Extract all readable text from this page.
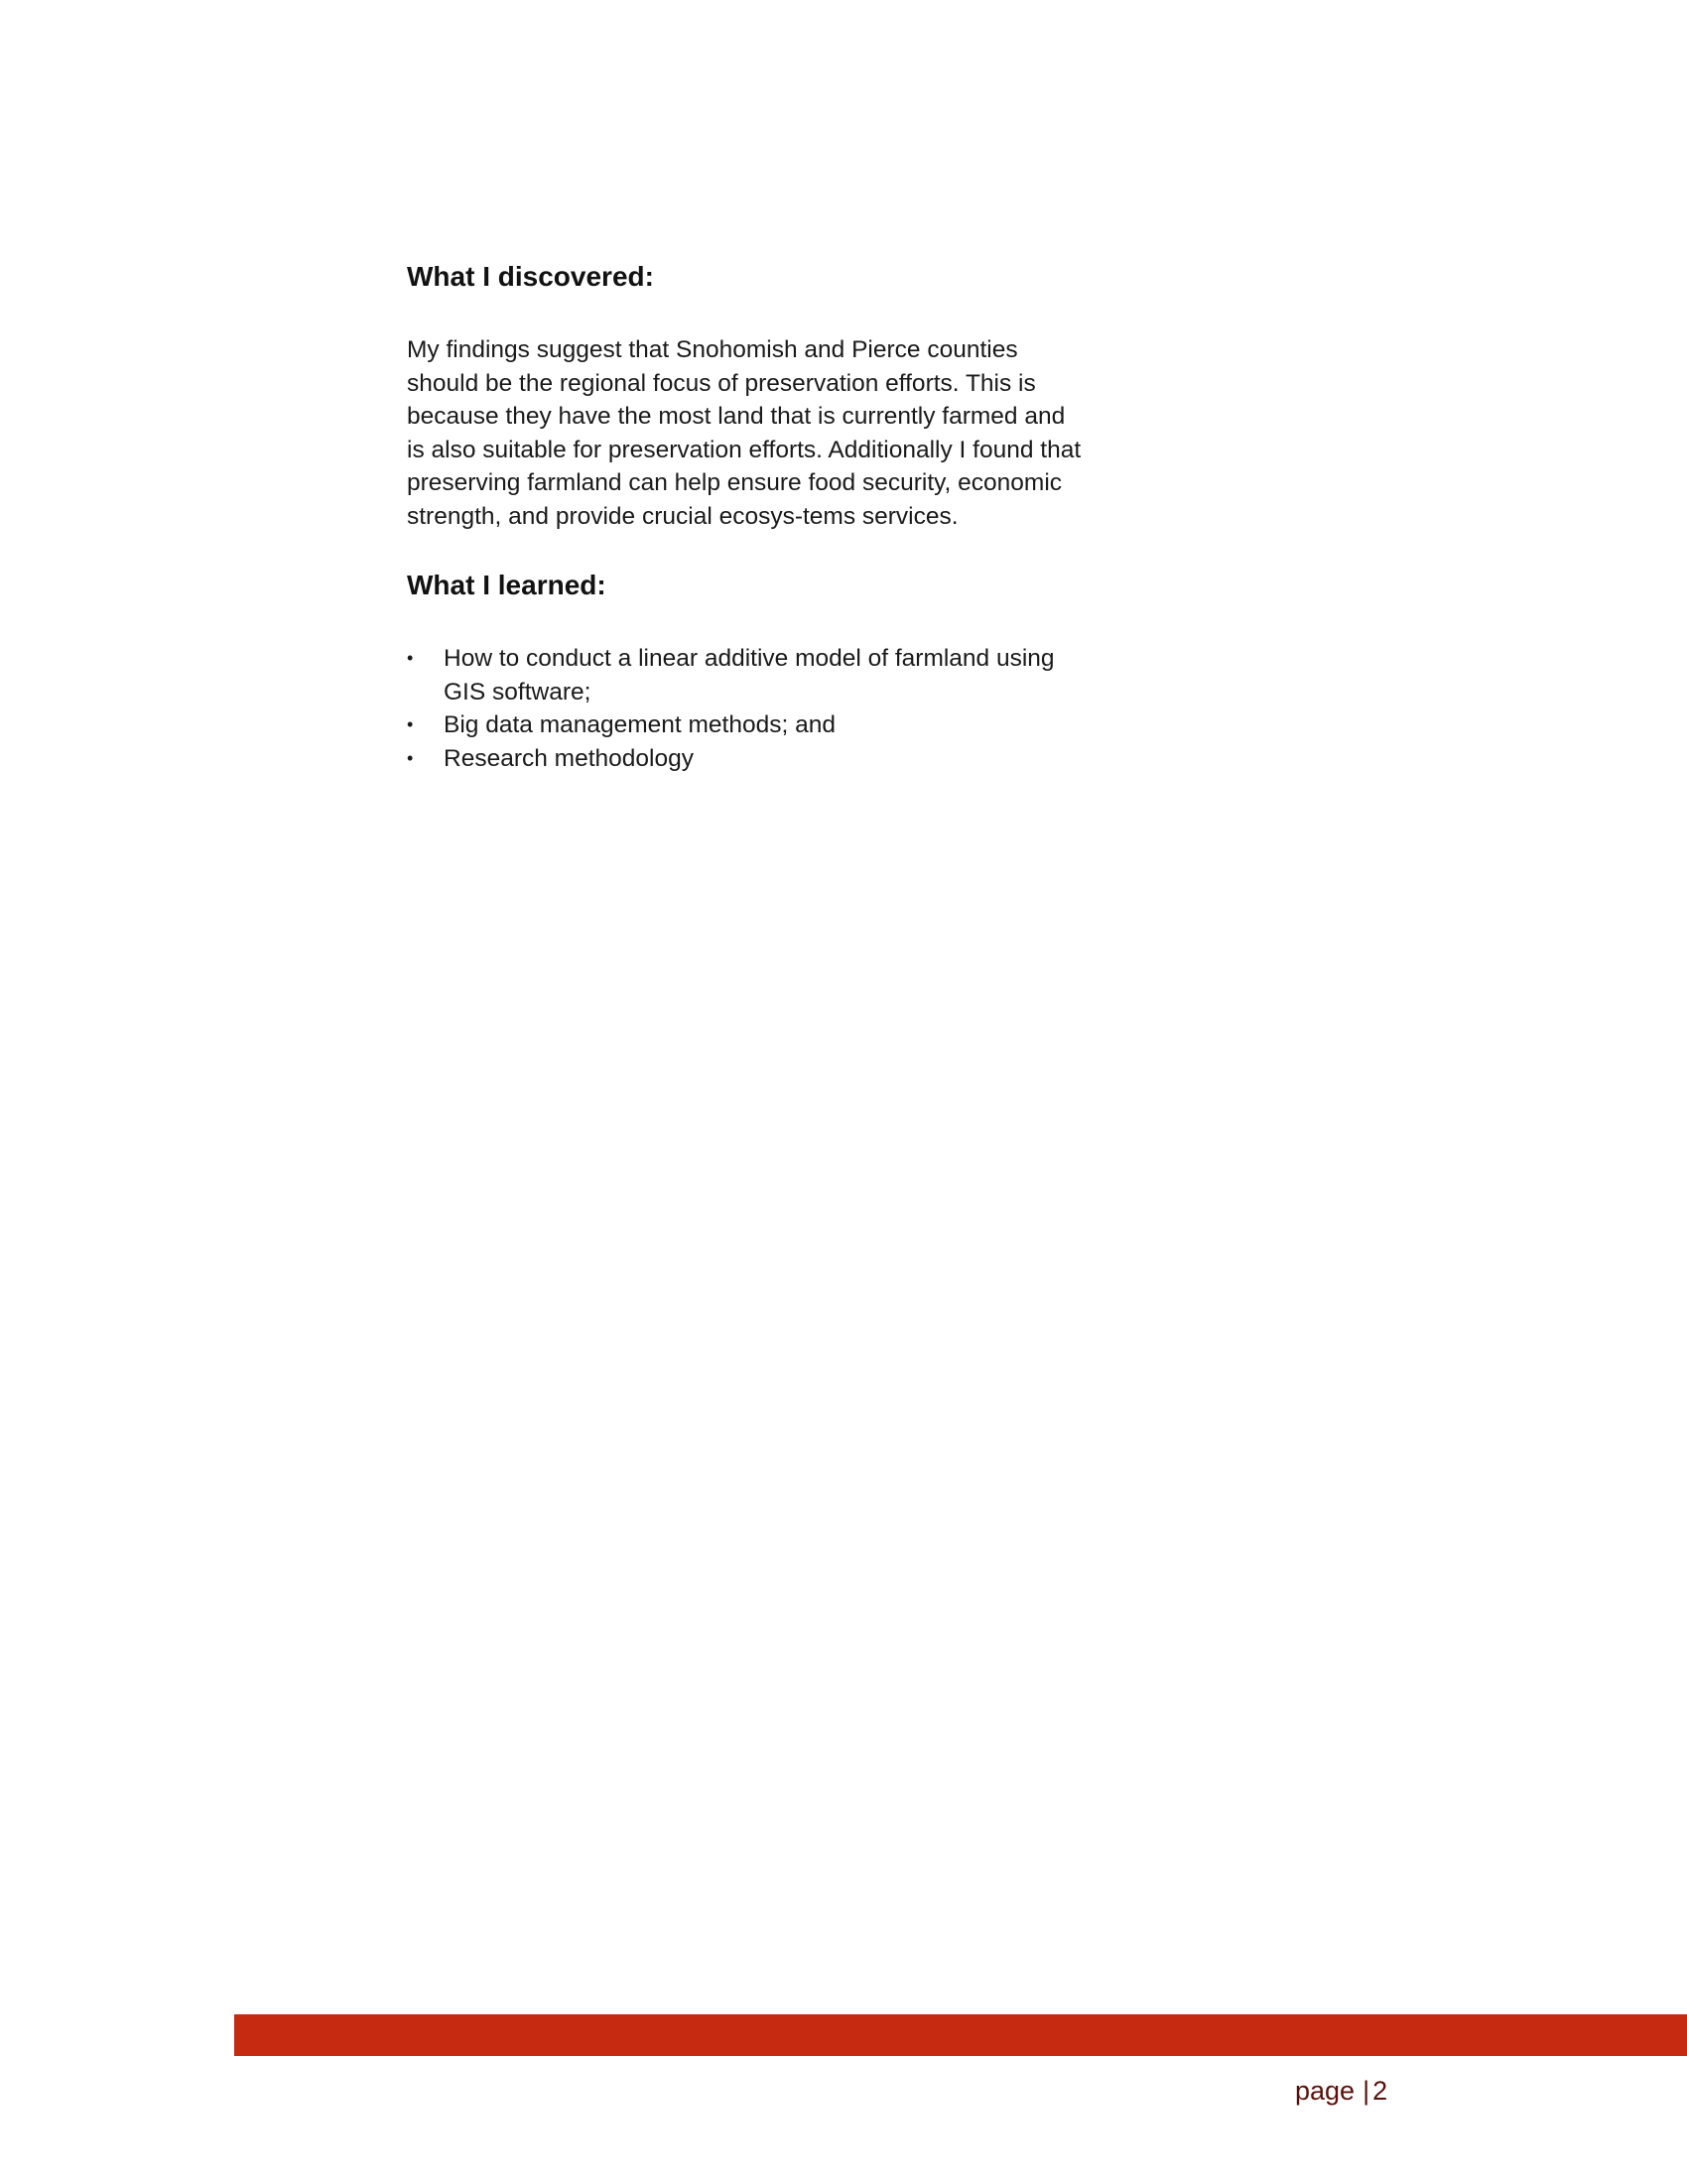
What I discovered:

My findings suggest that Snohomish and Pierce counties should be the regional focus of preservation efforts. This is because they have the most land that is currently farmed and is also suitable for preservation efforts. Additionally I found that preserving farmland can help ensure food security, economic strength, and provide crucial ecosys-tems services.

What I learned:
• How to conduct a linear additive model of farmland using GIS software;
• Big data management methods; and
• Research methodology
page | 2
